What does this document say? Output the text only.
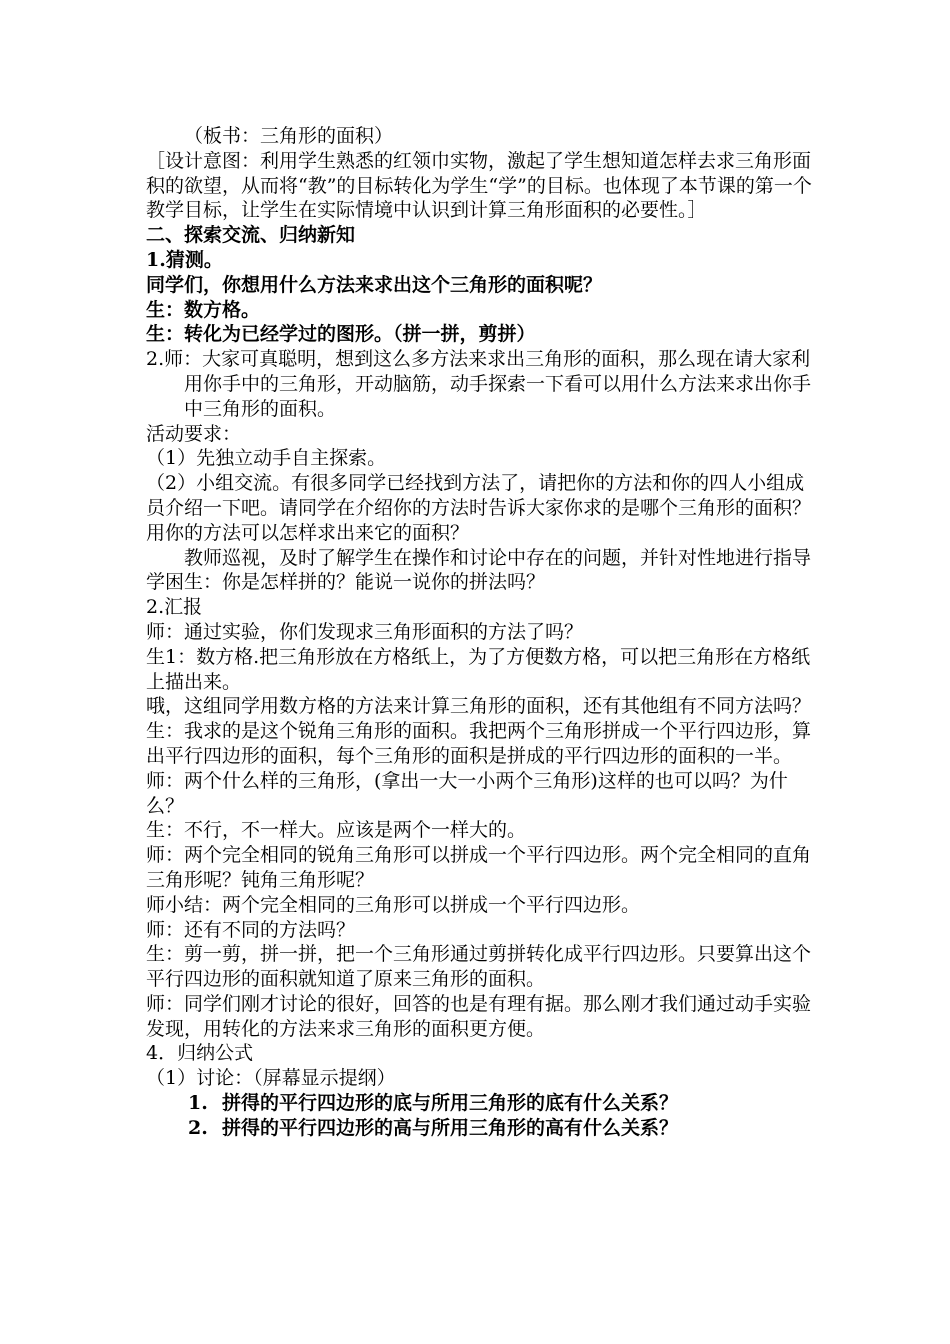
（板书：三角形的面积）

［设计意图：利用学生熟悉的红领巾实物，激起了学生想知道怎样去求三角形面积的欲望，从而将“教”的目标转化为学生“学”的目标。也体现了本节课的第一个教学目标，让学生在实际情境中认识到计算三角形面积的必要性。］

二、探索交流、归纳新知

1.猜测。

同学们，你想用什么方法来求出这个三角形的面积呢？

生：数方格。

生：转化为已经学过的图形。（拼一拼，剪拼）

2.师：大家可真聪明，想到这么多方法来求出三角形的面积，那么现在请大家利用你手中的三角形，开动脑筋，动手探索一下看可以用什么方法来求出你手中三角形的面积。

活动要求：

（1）先独立动手自主探索。

（2）小组交流。有很多同学已经找到方法了，请把你的方法和你的四人小组成员介绍一下吧。请同学在介绍你的方法时告诉大家你求的是哪个三角形的面积？用你的方法可以怎样求出来它的面积？

教师巡视，及时了解学生在操作和讨论中存在的问题，并针对性地进行指导学困生：你是怎样拼的？能说一说你的拼法吗？

2.汇报

师：通过实验，你们发现求三角形面积的方法了吗？

生1：数方格.把三角形放在方格纸上，为了方便数方格，可以把三角形在方格纸上描出来。

哦，这组同学用数方格的方法来计算三角形的面积，还有其他组有不同方法吗？

生：我求的是这个锐角三角形的面积。我把两个三角形拼成一个平行四边形，算出平行四边形的面积，每个三角形的面积是拼成的平行四边形的面积的一半。

师：两个什么样的三角形，(拿出一大一小两个三角形)这样的也可以吗？为什么？

生：不行，不一样大。应该是两个一样大的。

师：两个完全相同的锐角三角形可以拼成一个平行四边形。两个完全相同的直角三角形呢？钝角三角形呢？

师小结：两个完全相同的三角形可以拼成一个平行四边形。

师：还有不同的方法吗？

生：剪一剪，拼一拼，把一个三角形通过剪拼转化成平行四边形。只要算出这个平行四边形的面积就知道了原来三角形的面积。

师：同学们刚才讨论的很好，回答的也是有理有据。那么刚才我们通过动手实验发现，用转化的方法来求三角形的面积更方便。

4．归纳公式

（1）讨论：（屏幕显示提纲）

1. 拼得的平行四边形的底与所用三角形的底有什么关系？

2. 拼得的平行四边形的高与所用三角形的高有什么关系？
